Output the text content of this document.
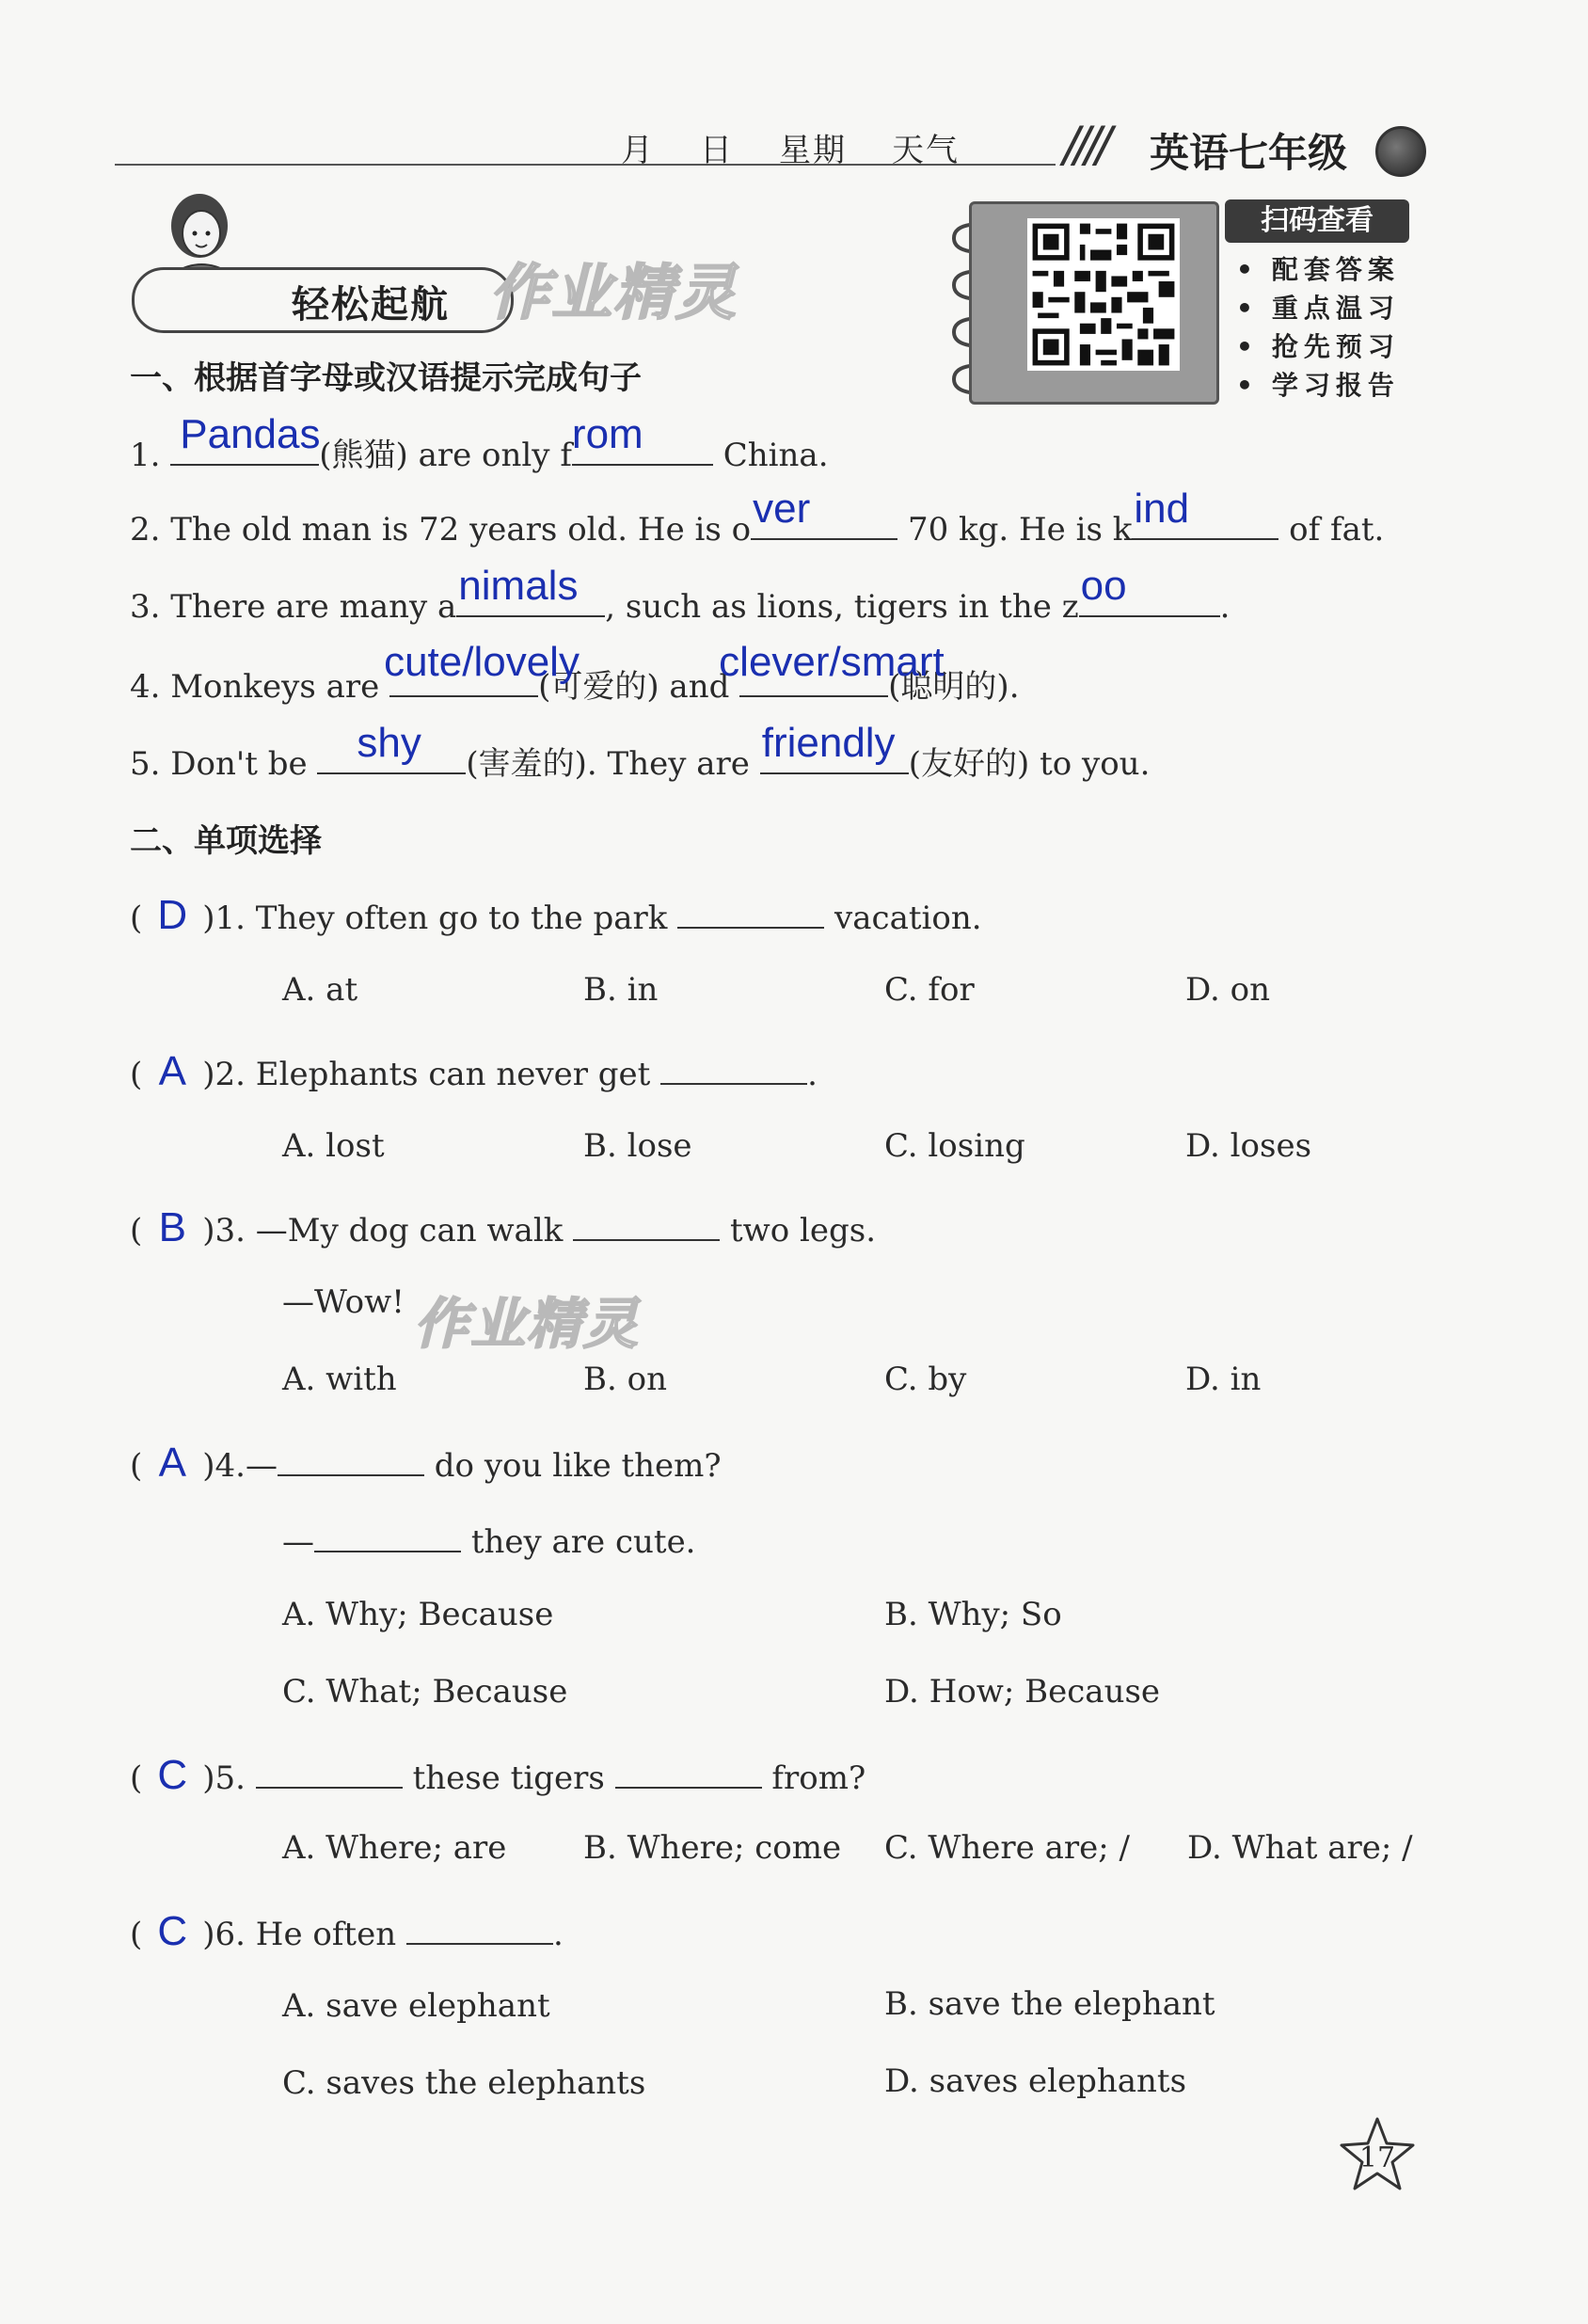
月 日 星期 天气	//// 英语七年级
轻松起航 作业精灵
扫码查看
• 配套答案
• 重点温习
• 抢先预习
• 学习报告
一、根据首字母或汉语提示完成句子
1. Pandas
(熊猫) are only f rom	China.
2. The old man is 72 years old. He is o ver	70 kg. He is k ind	of fat.
3. There are many a nimals , such as lions, tigers in the z oo	.
4. Monkeys are
cute/lovely
(可爱的) and
clever/smart
(聪明的).
5. Don't be shy (害羞的). They are friendly (友好的) to you.
二、单项选择
( D )1. They often go to the park	vacation.
A. at	B. in	C. for	D. on
( A )2. Elephants can never get	.
A. lost	B. lose	C. losing	D. loses
( B )3. —My dog can walk	two legs.
—Wow! 作业精灵
A. with	B. on	C. by	D. in
( A )4.—	do you like them?
—	they are cute.
A. Why; Because	B. Why; So
C. What; Because	D. How; Because
( C )5.	these tigers	from?
A. Where; are B. Where; come C. Where are; / D. What are; /
( C )6. He often	.
A. save elephant	B. save the elephant
C. saves the elephants	D. saves elephants
17
